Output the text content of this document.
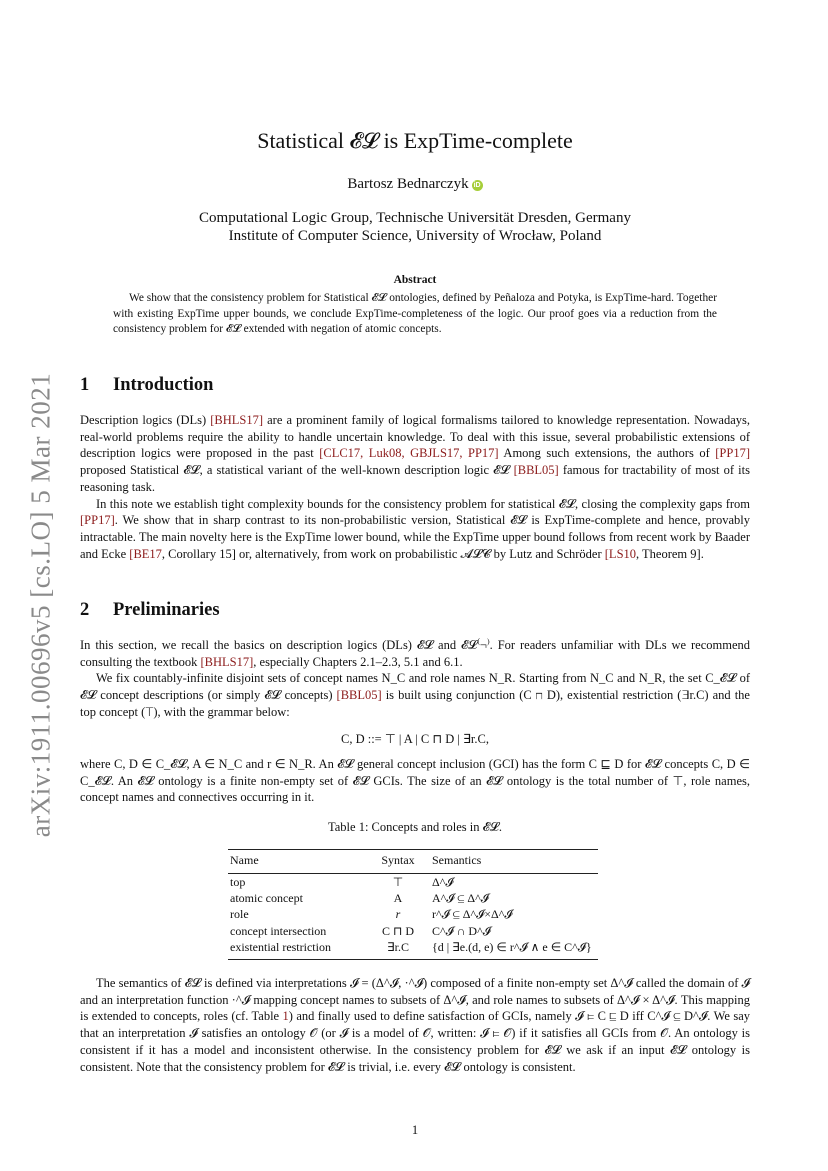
arXiv:1911.00696v5 [cs.LO] 5 Mar 2021
Statistical 𝓔𝓛 is ExpTime-complete
Bartosz Bednarczyk iD
Computational Logic Group, Technische Universität Dresden, Germany
Institute of Computer Science, University of Wrocław, Poland
Abstract
We show that the consistency problem for Statistical 𝓔𝓛 ontologies, defined by Peñaloza and Potyka, is ExpTime-hard. Together with existing ExpTime upper bounds, we conclude ExpTime-completeness of the logic. Our proof goes via a reduction from the consistency problem for 𝓔𝓛 extended with negation of atomic concepts.
1 Introduction

Description logics (DLs) [BHLS17] are a prominent family of logical formalisms tailored to knowledge representation. Nowadays, real-world problems require the ability to handle uncertain knowledge. To deal with this issue, several probabilistic extensions of description logics were proposed in the past [CLC17, Luk08, GBJLS17, PP17] Among such extensions, the authors of [PP17] proposed Statistical 𝓔𝓛, a statistical variant of the well-known description logic 𝓔𝓛 [BBL05] famous for tractability of most of its reasoning task.

In this note we establish tight complexity bounds for the consistency problem for statistical 𝓔𝓛, closing the complexity gaps from [PP17]. We show that in sharp contrast to its non-probabilistic version, Statistical 𝓔𝓛 is ExpTime-complete and hence, provably intractable. The main novelty here is the ExpTime lower bound, while the ExpTime upper bound follows from recent work by Baader and Ecke [BE17, Corollary 15] or, alternatively, from work on probabilistic 𝓐𝓛𝓒 by Lutz and Schröder [LS10, Theorem 9].

2 Preliminaries

In this section, we recall the basics on description logics (DLs) 𝓔𝓛 and 𝓔𝓛⁽¬⁾. For readers unfamiliar with DLs we recommend consulting the textbook [BHLS17], especially Chapters 2.1–2.3, 5.1 and 6.1.

We fix countably-infinite disjoint sets of concept names N_C and role names N_R. Starting from N_C and N_R, the set C_𝓔𝓛 of 𝓔𝓛 concept descriptions (or simply 𝓔𝓛 concepts) [BBL05] is built using conjunction (C ⊓ D), existential restriction (∃r.C) and the top concept (⊤), with the grammar below:

C, D ::= ⊤ | A | C ⊓ D | ∃r.C,

where C, D ∈ C_𝓔𝓛, A ∈ N_C and r ∈ N_R. An 𝓔𝓛 general concept inclusion (GCI) has the form C ⊑ D for 𝓔𝓛 concepts C, D ∈ C_𝓔𝓛. An 𝓔𝓛 ontology is a finite non-empty set of 𝓔𝓛 GCIs. The size of an 𝓔𝓛 ontology is the total number of ⊤, role names, concept names and connectives occurring in it.

Table 1: Concepts and roles in 𝓔𝓛.
Name	Syntax	Semantics
top	⊤	Δ^𝓘
atomic concept	A	A^𝓘 ⊆ Δ^𝓘
role	r	r^𝓘 ⊆ Δ^𝓘×Δ^𝓘
concept intersection	C ⊓ D	C^𝓘 ∩ D^𝓘
existential restriction	∃r.C	{d | ∃e.(d, e) ∈ r^𝓘 ∧ e ∈ C^𝓘}

The semantics of 𝓔𝓛 is defined via interpretations 𝓘 = (Δ^𝓘, ·^𝓘) composed of a finite non-empty set Δ^𝓘 called the domain of 𝓘 and an interpretation function ·^𝓘 mapping concept names to subsets of Δ^𝓘, and role names to subsets of Δ^𝓘 × Δ^𝓘. This mapping is extended to concepts, roles (cf. Table 1) and finally used to define satisfaction of GCIs, namely 𝓘 ⊨ C ⊑ D iff C^𝓘 ⊆ D^𝓘. We say that an interpretation 𝓘 satisfies an ontology 𝒪 (or 𝓘 is a model of 𝒪, written: 𝓘 ⊨ 𝒪) if it satisfies all GCIs from 𝒪. An ontology is consistent if it has a model and inconsistent otherwise. In the consistency problem for 𝓔𝓛 we ask if an input 𝓔𝓛 ontology is consistent. Note that the consistency problem for 𝓔𝓛 is trivial, i.e. every 𝓔𝓛 ontology is consistent.

1
